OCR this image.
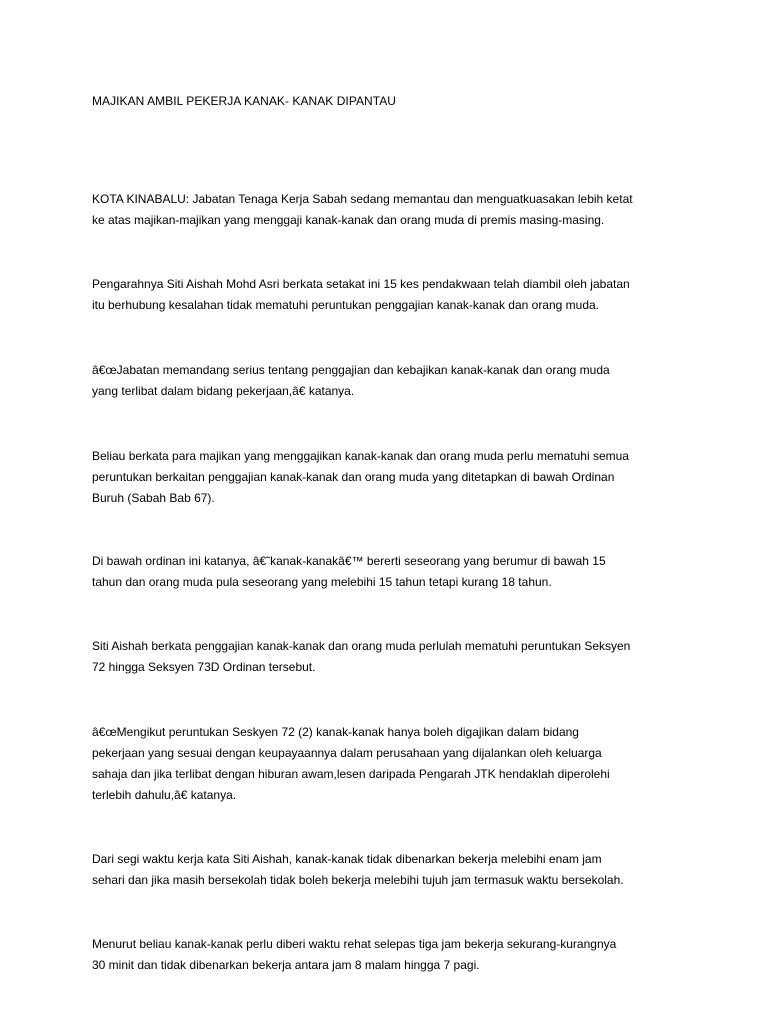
MAJIKAN AMBIL PEKERJA KANAK- KANAK DIPANTAU
KOTA KINABALU: Jabatan Tenaga Kerja Sabah sedang memantau dan menguatkuasakan lebih ketat
ke atas majikan-majikan yang menggaji kanak-kanak dan orang muda di premis masing-masing.
Pengarahnya Siti Aishah Mohd Asri berkata setakat ini 15 kes pendakwaan telah diambil oleh jabatan
itu berhubung kesalahan tidak mematuhi peruntukan penggajian kanak-kanak dan orang muda.
â€œJabatan memandang serius tentang penggajian dan kebajikan kanak-kanak dan orang muda
yang terlibat dalam bidang pekerjaan,â€ katanya.
Beliau berkata para majikan yang menggajikan kanak-kanak dan orang muda perlu mematuhi semua
peruntukan berkaitan penggajian kanak-kanak dan orang muda yang ditetapkan di bawah Ordinan
Buruh (Sabah Bab 67).
Di bawah ordinan ini katanya, â€˜kanak-kanakâ€™ bererti seseorang yang berumur di bawah 15
tahun dan orang muda pula seseorang yang melebihi 15 tahun tetapi kurang 18 tahun.
Siti Aishah berkata penggajian kanak-kanak dan orang muda perlulah mematuhi peruntukan Seksyen
72 hingga Seksyen 73D Ordinan tersebut.
â€œMengikut peruntukan Seskyen 72 (2) kanak-kanak hanya boleh digajikan dalam bidang
pekerjaan yang sesuai dengan keupayaannya dalam perusahaan yang dijalankan oleh keluarga
sahaja dan jika terlibat dengan hiburan awam,lesen daripada Pengarah JTK hendaklah diperolehi
terlebih dahulu,â€ katanya.
Dari segi waktu kerja kata Siti Aishah, kanak-kanak tidak dibenarkan bekerja melebihi enam jam
sehari dan jika masih bersekolah tidak boleh bekerja melebihi tujuh jam termasuk waktu bersekolah.
Menurut beliau kanak-kanak perlu diberi waktu rehat selepas tiga jam bekerja sekurang-kurangnya
30 minit dan tidak dibenarkan bekerja antara jam 8 malam hingga 7 pagi.
